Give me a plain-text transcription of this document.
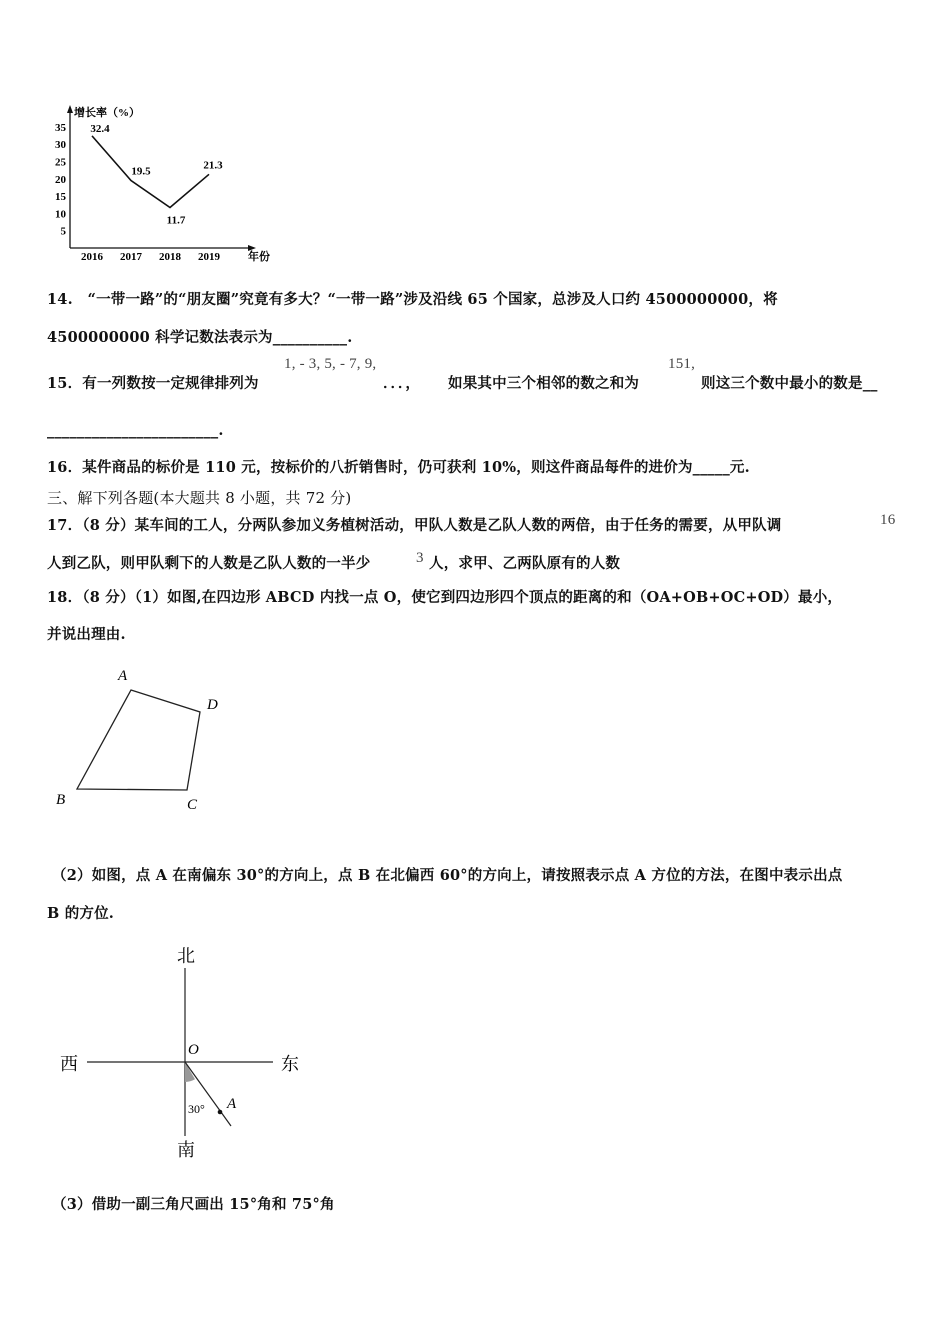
增长率（%）
年份
5
10
15
20
25
30
35
2016 2017 2018 2019
32.4
19.5
11.7
21.3
14.　“一带一路”的“朋友圈”究竟有多大？“一带一路”涉及沿线 65 个国家，总涉及人口约 4500000000，将
4500000000 科学记数法表示为__________.
15．有一列数按一定规律排列为
1, - 3, 5, - 7, 9,
．．．， 如果其中三个相邻的数之和为
151,
则这三个数中最小的数是__
_______________________.
16．某件商品的标价是 110 元，按标价的八折销售时，仍可获利 10%，则这件商品每件的进价为_____元.
三、解下列各题(本大题共 8 小题，共 72 分)
17．（8 分）某车间的工人，分两队参加义务植树活动，甲队人数是乙队人数的两倍，由于任务的需要，从甲队调	16
人到乙队，则甲队剩下的人数是乙队人数的一半少	3 人，求甲、乙两队原有的人数
18．（8 分）（1）如图,在四边形 ABCD 内找一点 O，使它到四边形四个顶点的距离的和（OA+OB+OC+OD）最小，
并说出理由.
A
D
B	C
（2）如图，点 A 在南偏东 30°的方向上，点 B 在北偏西 60°的方向上，请按照表示点 A 方位的方法，在图中表示出点
B 的方位.
北
西	东
南
O
A
30°
（3）借助一副三角尺画出 15°角和 75°角
